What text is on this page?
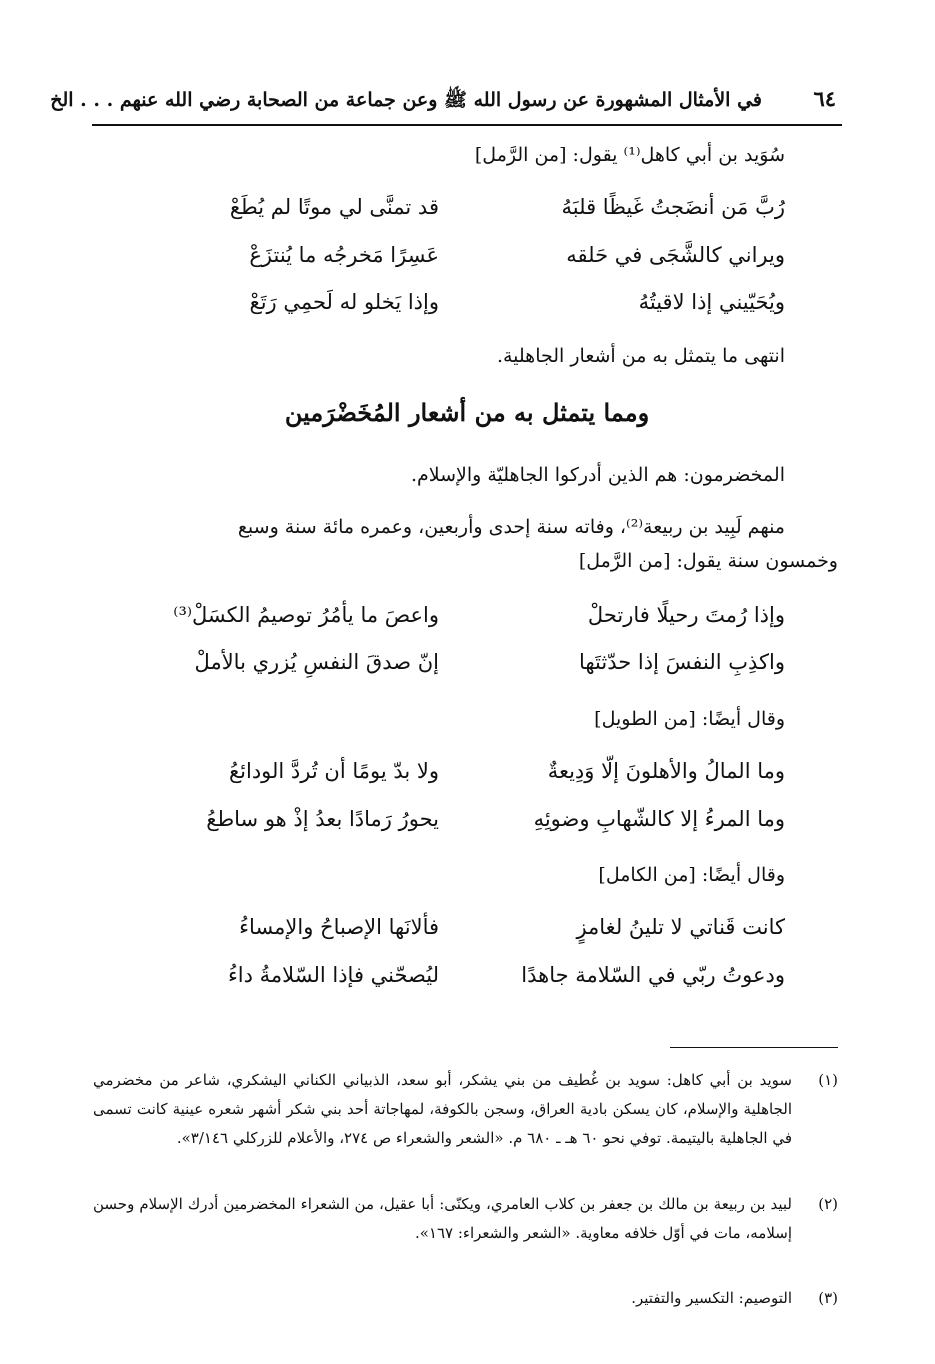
٦٤
في الأمثال المشهورة عن رسول الله ﷺ وعن جماعة من الصحابة رضي الله عنهم . . . الخ
سُوَيد بن أبي كاهل⁽¹⁾ يقول: [من الرَّمل]
رُبَّ مَن أنضَجتُ غَيظًا قلبَهُ
قد تمنَّى لي موتًا لم يُطَعْ
ويراني كالشَّجَى في حَلقه
عَسِرًا مَخرجُه ما يُنتزَعْ
ويُحَيّيني إذا لاقيتُهُ
وإذا يَخلو له لَحمِي رَتَعْ
انتهى ما يتمثل به من أشعار الجاهلية.
ومما يتمثل به من أشعار المُخَضْرَمين
المخضرمون: هم الذين أدركوا الجاهليّة والإسلام.
منهم لَبِيد بن ربيعة⁽²⁾، وفاته سنة إحدى وأربعين، وعمره مائة سنة وسبع
وخمسون سنة يقول: [من الرَّمل]
وإذا رُمتَ رحيلًا فارتحلْ
واعصَ ما يأمُرُ توصيمُ الكسَلْ⁽³⁾
واكذِبِ النفسَ إذا حدّثتَها
إنّ صدقَ النفسِ يُزري بالأملْ
وقال أيضًا: [من الطويل]
وما المالُ والأهلونَ إلّا وَدِيعةٌ
ولا بدّ يومًا أن تُردَّ الودائعُ
وما المرءُ إلا كالشّهابِ وضوئِهِ
يحورُ رَمادًا بعدُ إذْ هو ساطعُ
وقال أيضًا: [من الكامل]
كانت قَناتي لا تلينُ لغامزٍ
فألانَها الإصباحُ والإمساءُ
ودعوتُ ربّي في السّلامة جاهدًا
ليُصحّني فإذا السّلامةُ داءُ
(١)
سويد بن أبي كاهل: سويد بن غُطيف من بني يشكر، أبو سعد، الذبياني الكناني اليشكري، شاعر من مخضرمي الجاهلية والإسلام، كان يسكن بادية العراق، وسجن بالكوفة، لمهاجاتة أحد بني شكر أشهر شعره عينية كانت تسمى في الجاهلية باليتيمة. توفي نحو ٦٠ هـ ـ ٦٨٠ م. «الشعر والشعراء ص ٢٧٤، والأعلام للزركلي ٣/١٤٦».
(٢)
لبيد بن ربيعة بن مالك بن جعفر بن كلاب العامري، ويكنّى: أبا عقيل، من الشعراء المخضرمين أدرك الإسلام وحسن إسلامه، مات في أوّل خلافه معاوية. «الشعر والشعراء: ١٦٧».
(٣)
التوصيم: التكسير والتفتير.
